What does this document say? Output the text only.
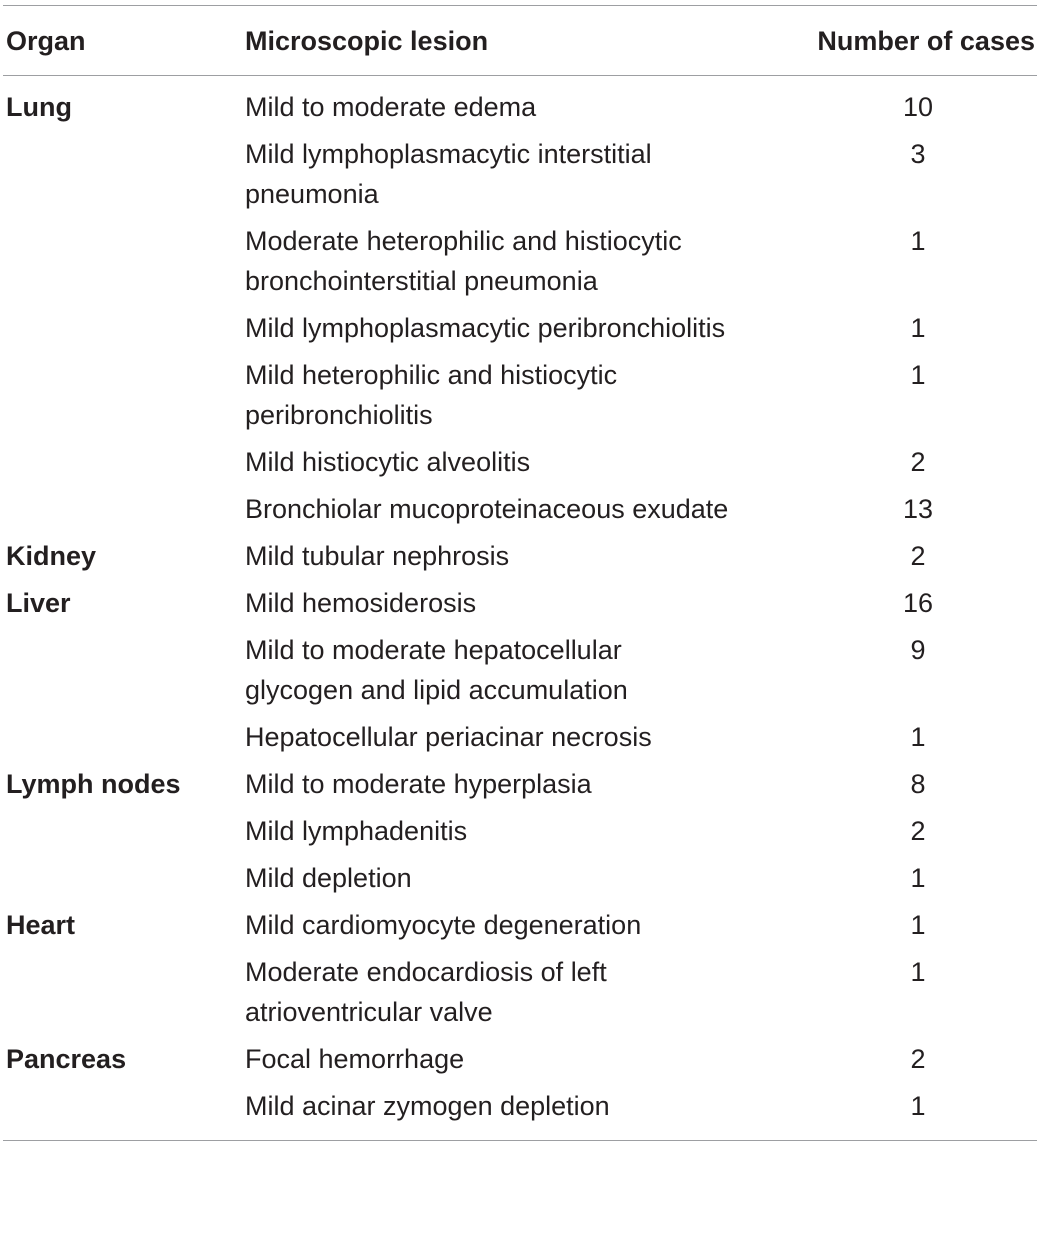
Organ	Microscopic lesion	Number of cases
Lung	Mild to moderate edema	10
	Mild lymphoplasmacytic interstitial pneumonia	3
	Moderate heterophilic and histiocytic bronchointerstitial pneumonia	1
	Mild lymphoplasmacytic peribronchiolitis	1
	Mild heterophilic and histiocytic peribronchiolitis	1
	Mild histiocytic alveolitis	2
	Bronchiolar mucoproteinaceous exudate	13
Kidney	Mild tubular nephrosis	2
Liver	Mild hemosiderosis	16
	Mild to moderate hepatocellular glycogen and lipid accumulation	9
	Hepatocellular periacinar necrosis	1
Lymph nodes	Mild to moderate hyperplasia	8
	Mild lymphadenitis	2
	Mild depletion	1
Heart	Mild cardiomyocyte degeneration	1
	Moderate endocardiosis of left atrioventricular valve	1
Pancreas	Focal hemorrhage	2
	Mild acinar zymogen depletion	1
